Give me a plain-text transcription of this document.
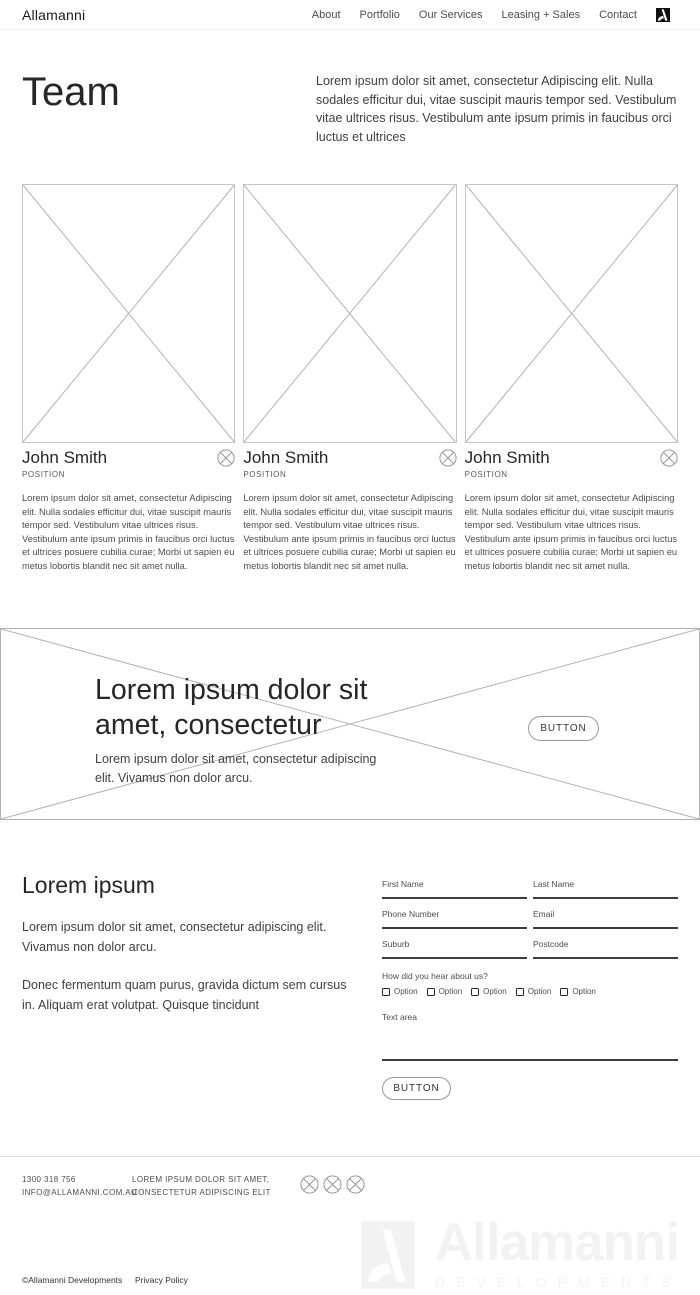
Allamanni	About Portfolio Our Services Leasing + Sales Contact
Team	Lorem ipsum dolor sit amet, consectetur Adipiscing elit. Nulla sodales efficitur dui, vitae suscipit mauris tempor sed. Vestibulum vitae ultrices risus. Vestibulum ante ipsum primis in faucibus orci luctus et ultrices
John Smith
POSITION
Lorem ipsum dolor sit amet, consectetur Adipiscing elit. Nulla sodales efficitur dui, vitae suscipit mauris tempor sed. Vestibulum vitae ultrices risus. Vestibulum ante ipsum primis in faucibus orci luctus et ultrices posuere cubilia curae; Morbi ut sapien eu metus lobortis blandit nec sit amet nulla.
John Smith
POSITION
Lorem ipsum dolor sit amet, consectetur Adipiscing elit. Nulla sodales efficitur dui, vitae suscipit mauris tempor sed. Vestibulum vitae ultrices risus. Vestibulum ante ipsum primis in faucibus orci luctus et ultrices posuere cubilia curae; Morbi ut sapien eu metus lobortis blandit nec sit amet nulla.
John Smith
POSITION
Lorem ipsum dolor sit amet, consectetur Adipiscing elit. Nulla sodales efficitur dui, vitae suscipit mauris tempor sed. Vestibulum vitae ultrices risus. Vestibulum ante ipsum primis in faucibus orci luctus et ultrices posuere cubilia curae; Morbi ut sapien eu metus lobortis blandit nec sit amet nulla.
Lorem ipsum dolor sit amet, consectetur
Lorem ipsum dolor sit amet, consectetur adipiscing elit. Vivamus non dolor arcu.
BUTTON
Lorem ipsum
Lorem ipsum dolor sit amet, consectetur adipiscing elit. Vivamus non dolor arcu.
Donec fermentum quam purus, gravida dictum sem cursus in. Aliquam erat volutpat. Quisque tincidunt
First Name	Last Name
Phone Number	Email
Suburb	Postcode
How did you hear about us?
Option	Option	Option	Option	Option
Text area
BUTTON
1300 318 756
INFO@ALLAMANNI.COM.AU
LOREM IPSUM DOLOR SIT AMET,
CONSECTETUR ADIPISCING ELIT
Allamanni
DEVELOPMENTS
©Allamanni Developments Privacy Policy
